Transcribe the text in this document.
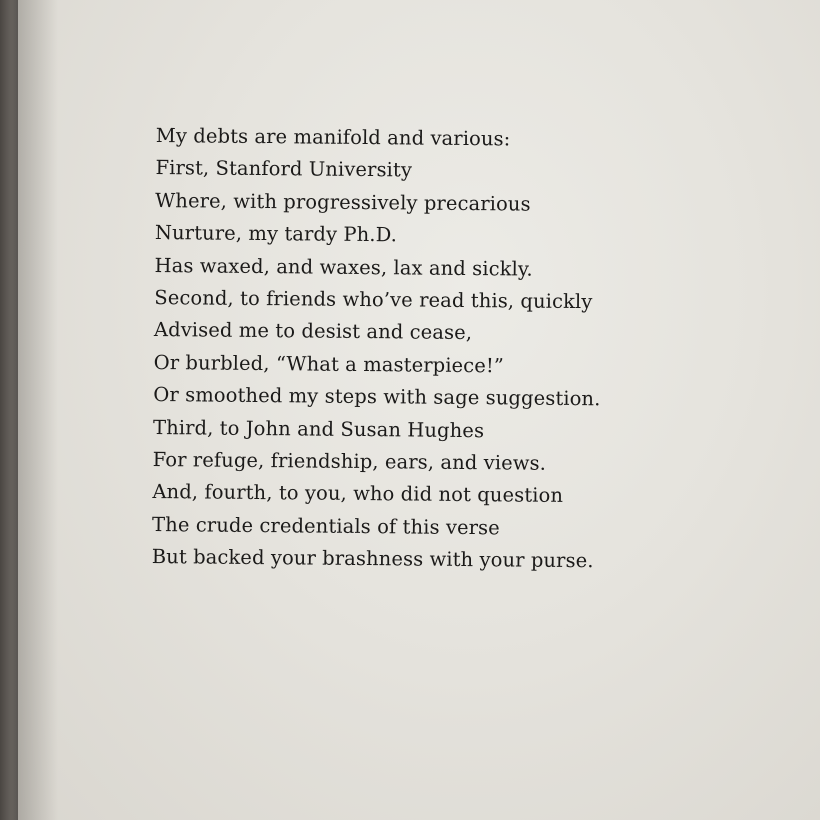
My debts are manifold and various:
First, Stanford University
Where, with progressively precarious
Nurture, my tardy Ph.D.
Has waxed, and waxes, lax and sickly.
Second, to friends who’ve read this, quickly
Advised me to desist and cease,
Or burbled, “What a masterpiece!”
Or smoothed my steps with sage suggestion.
Third, to John and Susan Hughes
For refuge, friendship, ears, and views.
And, fourth, to you, who did not question
The crude credentials of this verse
But backed your brashness with your purse.
